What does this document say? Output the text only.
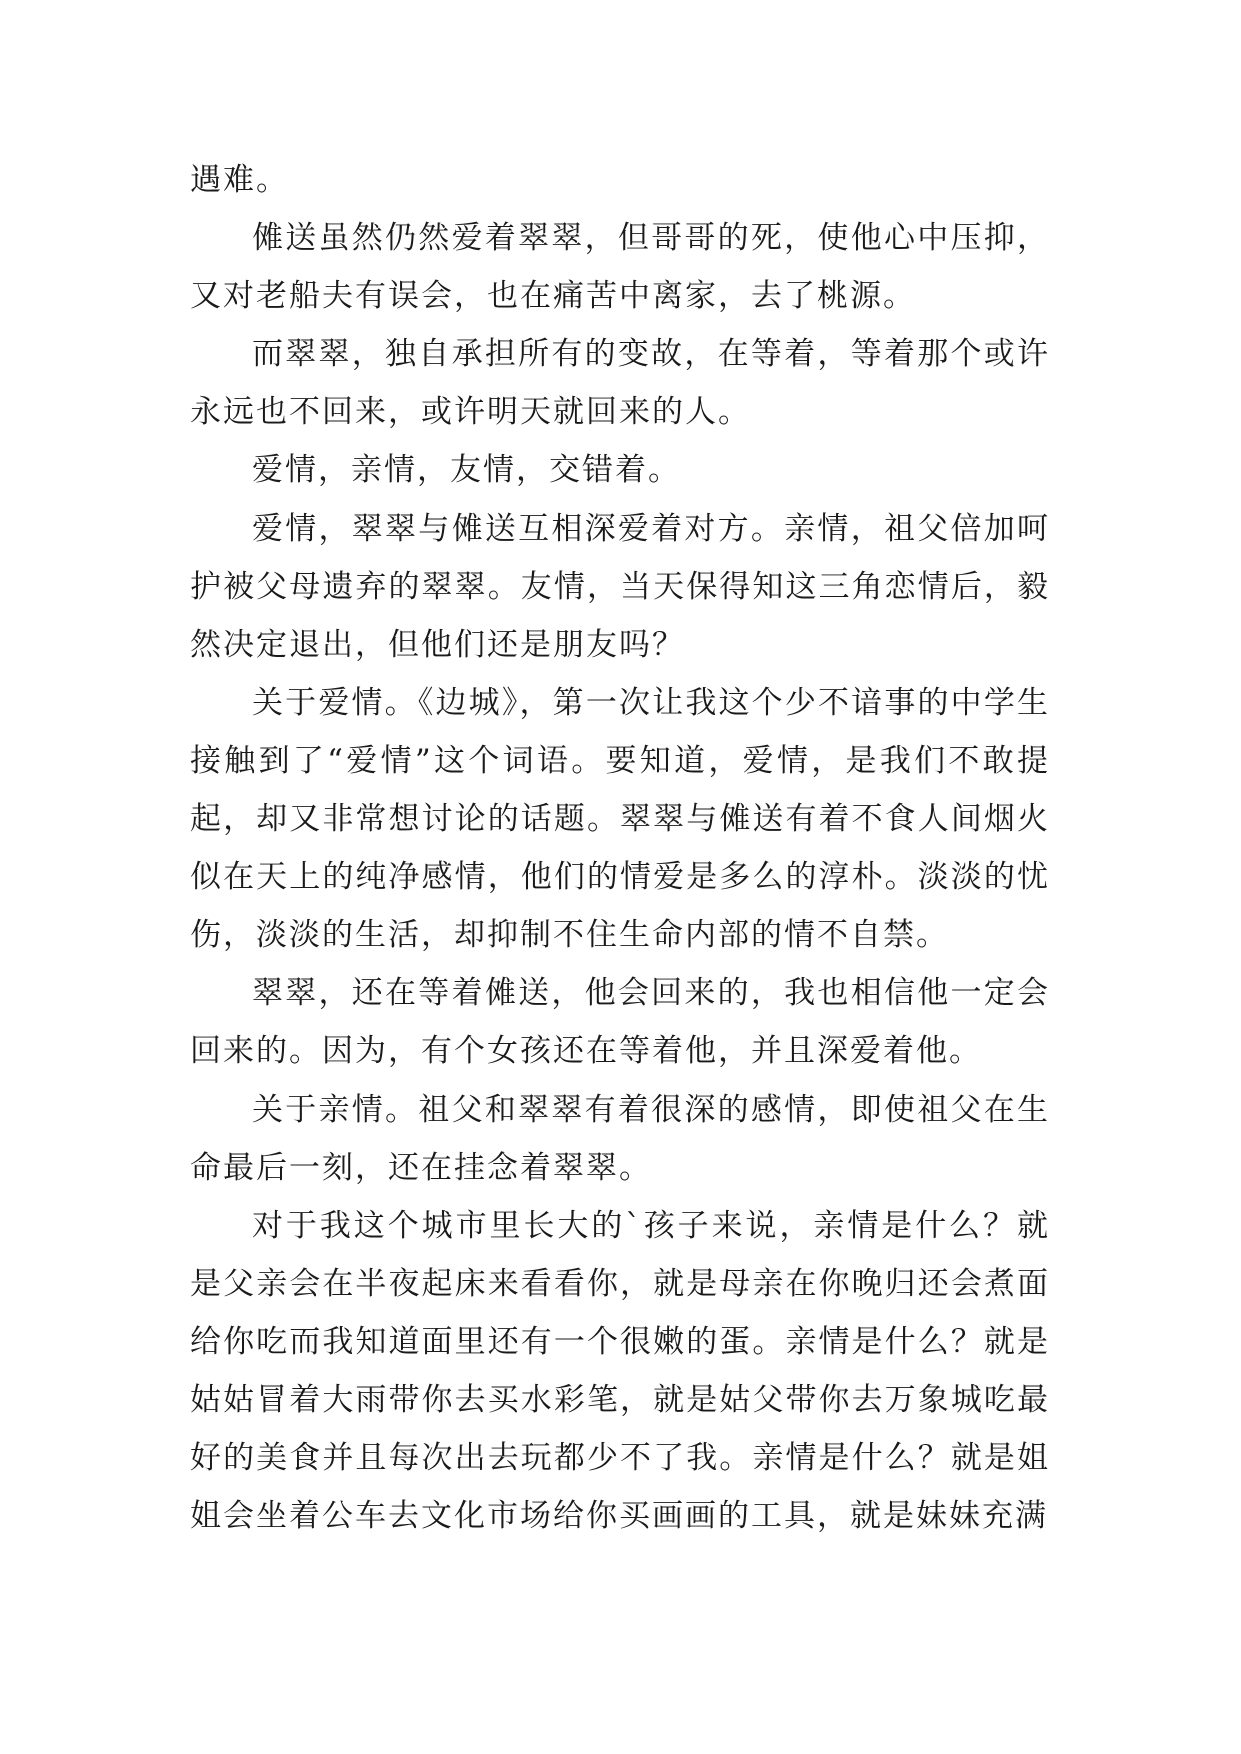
遇难。

傩送虽然仍然爱着翠翠，但哥哥的死，使他心中压抑，又对老船夫有误会，也在痛苦中离家，去了桃源。

而翠翠，独自承担所有的变故，在等着，等着那个或许永远也不回来，或许明天就回来的人。

爱情，亲情，友情，交错着。

爱情，翠翠与傩送互相深爱着对方。亲情，祖父倍加呵护被父母遗弃的翠翠。友情，当天保得知这三角恋情后，毅然决定退出，但他们还是朋友吗？

关于爱情。《边城》，第一次让我这个少不谙事的中学生接触到了“爱情”这个词语。要知道，爱情，是我们不敢提起，却又非常想讨论的话题。翠翠与傩送有着不食人间烟火似在天上的纯净感情，他们的情爱是多么的淳朴。淡淡的忧伤，淡淡的生活，却抑制不住生命内部的情不自禁。

翠翠，还在等着傩送，他会回来的，我也相信他一定会回来的。因为，有个女孩还在等着他，并且深爱着他。

关于亲情。祖父和翠翠有着很深的感情，即使祖父在生命最后一刻，还在挂念着翠翠。

对于我这个城市里长大的`孩子来说，亲情是什么？就是父亲会在半夜起床来看看你，就是母亲在你晚归还会煮面给你吃而我知道面里还有一个很嫩的蛋。亲情是什么？就是姑姑冒着大雨带你去买水彩笔，就是姑父带你去万象城吃最好的美食并且每次出去玩都少不了我。亲情是什么？就是姐姐会坐着公车去文化市场给你买画画的工具，就是妹妹充满
